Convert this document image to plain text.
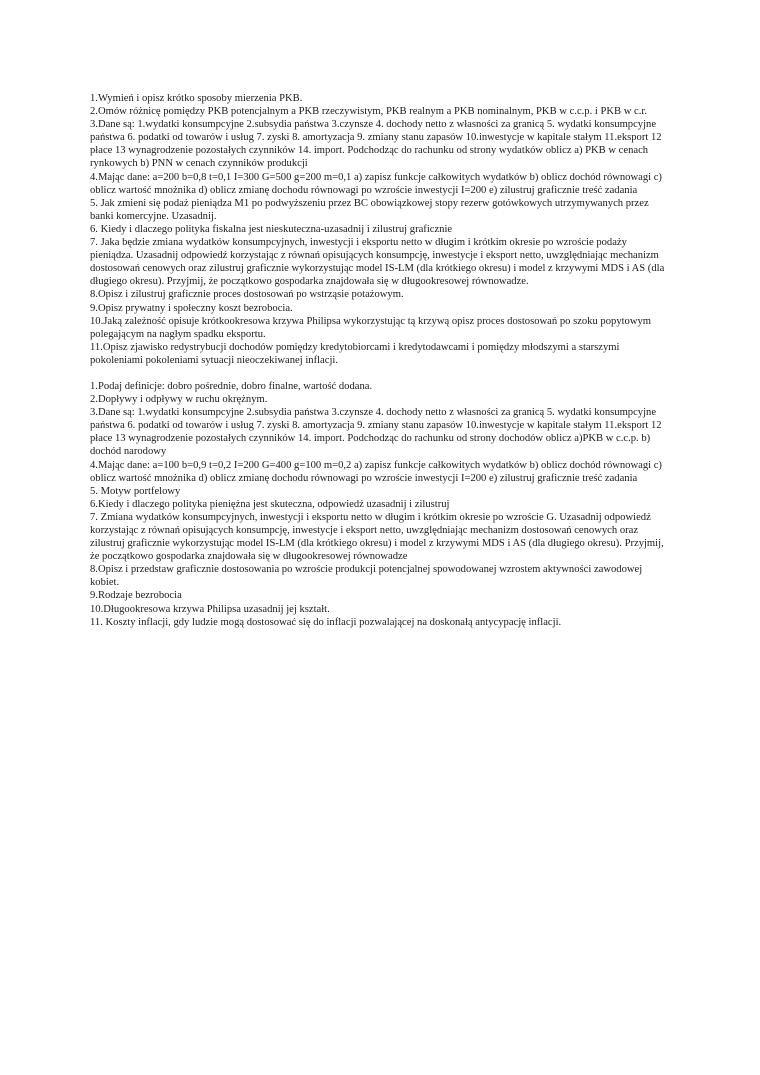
1.Wymień i opisz krótko sposoby mierzenia PKB.

2.Omów różnicę pomiędzy PKB potencjalnym a PKB rzeczywistym, PKB realnym a PKB nominalnym, PKB w c.c.p. i PKB w c.r.

3.Dane są: 1.wydatki konsumpcyjne 2.subsydia państwa 3.czynsze 4. dochody netto z własności za granicą 5. wydatki konsumpcyjne państwa 6. podatki od towarów i usług 7. zyski 8. amortyzacja 9. zmiany stanu zapasów 10.inwestycje w kapitale stałym 11.eksport 12 płace 13 wynagrodzenie pozostałych czynników 14. import. Podchodząc do rachunku od strony wydatków oblicz a) PKB w cenach rynkowych b) PNN w cenach czynników produkcji

4.Mając dane: a=200 b=0,8 t=0,1 I=300 G=500 g=200 m=0,1 a) zapisz funkcje całkowitych wydatków b) oblicz dochód równowagi c) oblicz wartość mnożnika d) oblicz zmianę dochodu równowagi po wzroście inwestycji I=200 e) zilustruj graficznie treść zadania

5. Jak zmieni się podaż pieniądza M1 po podwyższeniu przez BC obowiązkowej stopy rezerw gotówkowych utrzymywanych przez banki komercyjne. Uzasadnij.

6. Kiedy i dlaczego polityka fiskalna jest nieskuteczna-uzasadnij i zilustruj graficznie

7. Jaka będzie zmiana wydatków konsumpcyjnych, inwestycji i eksportu netto w długim i krótkim okresie po wzroście podaży pieniądza. Uzasadnij odpowiedź korzystając z równań opisujących konsumpcję, inwestycje i eksport netto, uwzględniając mechanizm dostosowań cenowych oraz zilustruj graficznie wykorzystując model IS-LM (dla krótkiego okresu) i model z krzywymi MDS i AS (dla długiego okresu). Przyjmij, że początkowo gospodarka znajdowała się w długookresowej równowadze.

8.Opisz i zilustruj graficznie proces dostosowań po wstrząsie potażowym.

9.Opisz prywatny i społeczny koszt bezrobocia.

10.Jaką zależność opisuje krótkookresowa krzywa Philipsa wykorzystując tą krzywą opisz proces dostosowań po szoku popytowym polegającym na nagłym spadku eksportu.

11.Opisz zjawisko redystrybucji dochodów pomiędzy kredytobiorcami i kredytodawcami i pomiędzy młodszymi a starszymi pokoleniami pokoleniami sytuacji nieoczekiwanej inflacji.

1.Podaj definicje: dobro pośrednie, dobro finalne, wartość dodana.

2.Dopływy i odpływy w ruchu okrężnym.

3.Dane są: 1.wydatki konsumpcyjne 2.subsydia państwa 3.czynsze 4. dochody netto z własności za granicą 5. wydatki konsumpcyjne państwa 6. podatki od towarów i usług 7. zyski 8. amortyzacja 9. zmiany stanu zapasów 10.inwestycje w kapitale stałym 11.eksport 12 płace 13 wynagrodzenie pozostałych czynników 14. import. Podchodząc do rachunku od strony dochodów oblicz a)PKB w c.c.p. b) dochód narodowy

4.Mając dane: a=100 b=0,9 t=0,2 I=200 G=400 g=100 m=0,2 a) zapisz funkcje całkowitych wydatków b) oblicz dochód równowagi c) oblicz wartość mnożnika d) oblicz zmianę dochodu równowagi po wzroście inwestycji I=200 e) zilustruj graficznie treść zadania

5. Motyw portfelowy

6.Kiedy i dlaczego polityka pieniężna jest skuteczna, odpowiedź uzasadnij i zilustruj

7. Zmiana wydatków konsumpcyjnych, inwestycji i eksportu netto w długim i krótkim okresie po wzroście G. Uzasadnij odpowiedź korzystając z równań opisujących konsumpcję, inwestycje i eksport netto, uwzględniając mechanizm dostosowań cenowych oraz zilustruj graficznie wykorzystując model IS-LM (dla krótkiego okresu) i model z krzywymi MDS i AS (dla długiego okresu). Przyjmij, że początkowo gospodarka znajdowała się w długookresowej równowadze

8.Opisz i przedstaw graficznie dostosowania po wzroście produkcji potencjalnej spowodowanej wzrostem aktywności zawodowej kobiet.

9.Rodzaje bezrobocia

10.Długookresowa krzywa Philipsa uzasadnij jej kształt.

11. Koszty inflacji, gdy ludzie mogą dostosować się do inflacji pozwalającej na doskonałą antycypację inflacji.
